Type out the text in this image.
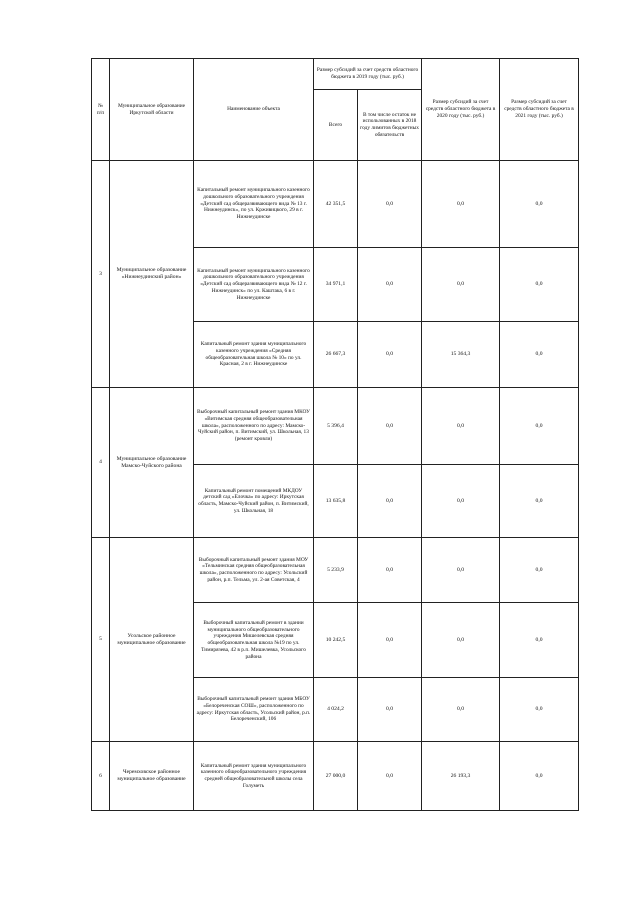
№
п/п	Муниципальное образование Иркутской области	Наименование объекта	Размер субсидий за счет средств областного бюджета в 2019 году (тыс. руб.)		Размер субсидий за счет средств областного бюджета в 2020 году (тыс. руб.)	Размер субсидий за счет средств областного бюджета в 2021 году (тыс. руб.)
			Всего	В том числе остаток не использованных в 2018 году лимитов бюджетных обязательств		
3	Муниципальное образование «Нижнеудинский район»	Капитальный ремонт муниципального казенного дошкольного образовательного учреждения «Детский сад общеразвивающего вида № 13 г. Нижнеудинск», по ул. Крживицкого, 29 в г. Нижнеудинске	42 351,5	0,0	0,0	0,0
		Капитальный ремонт муниципального казенного дошкольного образовательного учреждения «Детский сад общеразвивающего вида № 12 г. Нижнеудинск» по ул. Каштака, 6 в г. Нижнеудинске	34 971,1	0,0	0,0	0,0
		Капитальный ремонт здания муниципального казенного учреждения «Средняя общеобразовательная школа № 10» по ул. Красная, 2 в г. Нижнеудинске	26 667,3	0,0	15 364,3	0,0
4	Муниципальное образование Мамско-Чуйского района	Выборочный капитальный ремонт здания МКОУ «Витимская средняя общеобразовательная школа», расположенного по адресу: Мамско-Чуйский район, п. Витимский, ул. Школьная, 13 (ремонт кровли)	5 396,4	0,0	0,0	0,0
		Капитальный ремонт помещений МКДОУ детский сад «Елочка» по адресу: Иркутская область, Мамско-Чуйский район, п. Витимский, ул. Школьная, 18	13 635,8	0,0	0,0	0,0
5	Усольское районное муниципальное образование	Выборочный капитальный ремонт здания МОУ «Тельминская средняя общеобразовательная школа», расположенного по адресу: Усольский район, р.п. Тельма, ул. 2-ая Советская, 4	5 233,9	0,0	0,0	0,0
		Выборочный капитальный ремонт в здании муниципального общеобразовательного учреждения Мишелевская средняя общеобразовательная школа №19 по ул. Тимирязева, 42 в р.п. Мишелевка, Усольского района	10 242,5	0,0	0,0	0,0
		Выборочный капитальный ремонт здания МБОУ «Белореченская СОШ», расположенного по адресу: Иркутская область, Усольский район, р.п. Белореченский, 106	4 024,2	0,0	0,0	0,0
6	Черемховское районное муниципальное образование	Капитальный ремонт здания муниципального казенного общеобразовательного учреждения средней общеобразовательной школы села Голуметь	27 000,0	0,0	26 193,3	0,0
